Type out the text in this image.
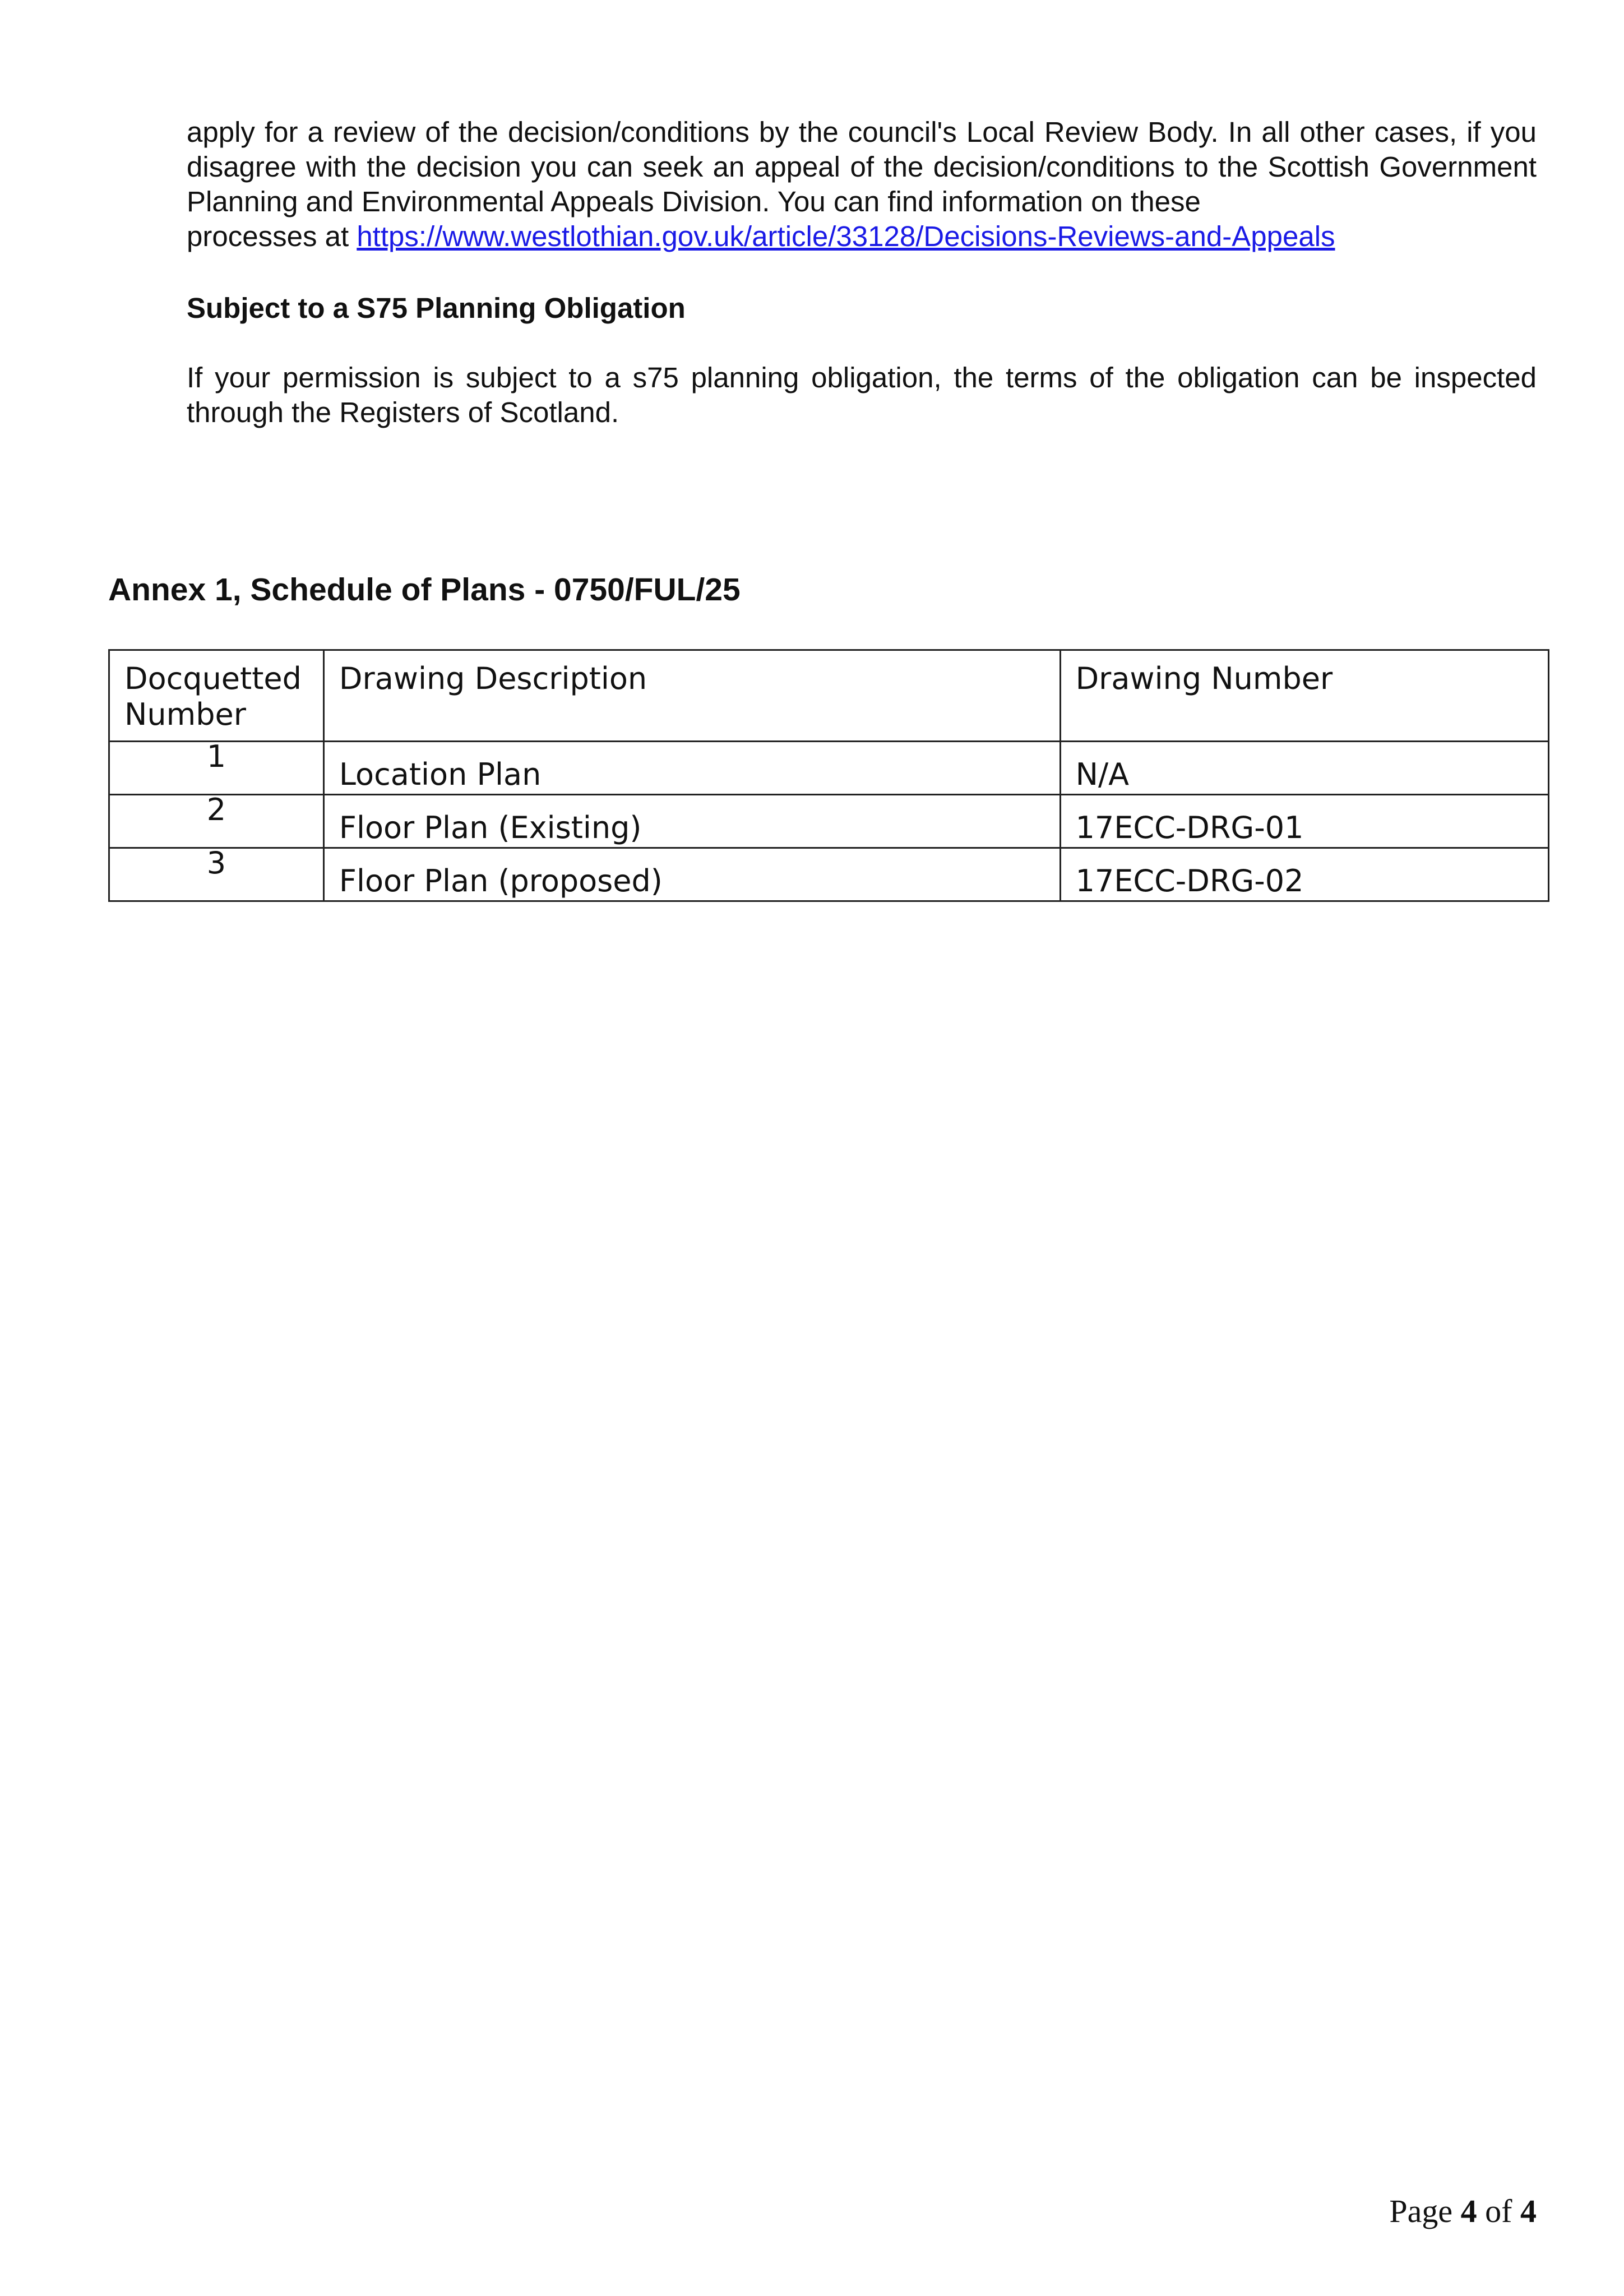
apply for a review of the decision/conditions by the council's Local Review Body. In all other cases, if you disagree with the decision you can seek an appeal of the decision/conditions to the Scottish Government Planning and Environmental Appeals Division. You can find information on these
processes at https://www.westlothian.gov.uk/article/33128/Decisions-Reviews-and-Appeals
Subject to a S75 Planning Obligation
If your permission is subject to a s75 planning obligation, the terms of the obligation can be inspected through the Registers of Scotland.
Annex 1, Schedule of Plans - 0750/FUL/25
Docquetted Number	Drawing Description	Drawing Number

1	Location Plan	N/A

2	Floor Plan (Existing)	17ECC-DRG-01

3	Floor Plan (proposed)	17ECC-DRG-02
Page 4 of 4
